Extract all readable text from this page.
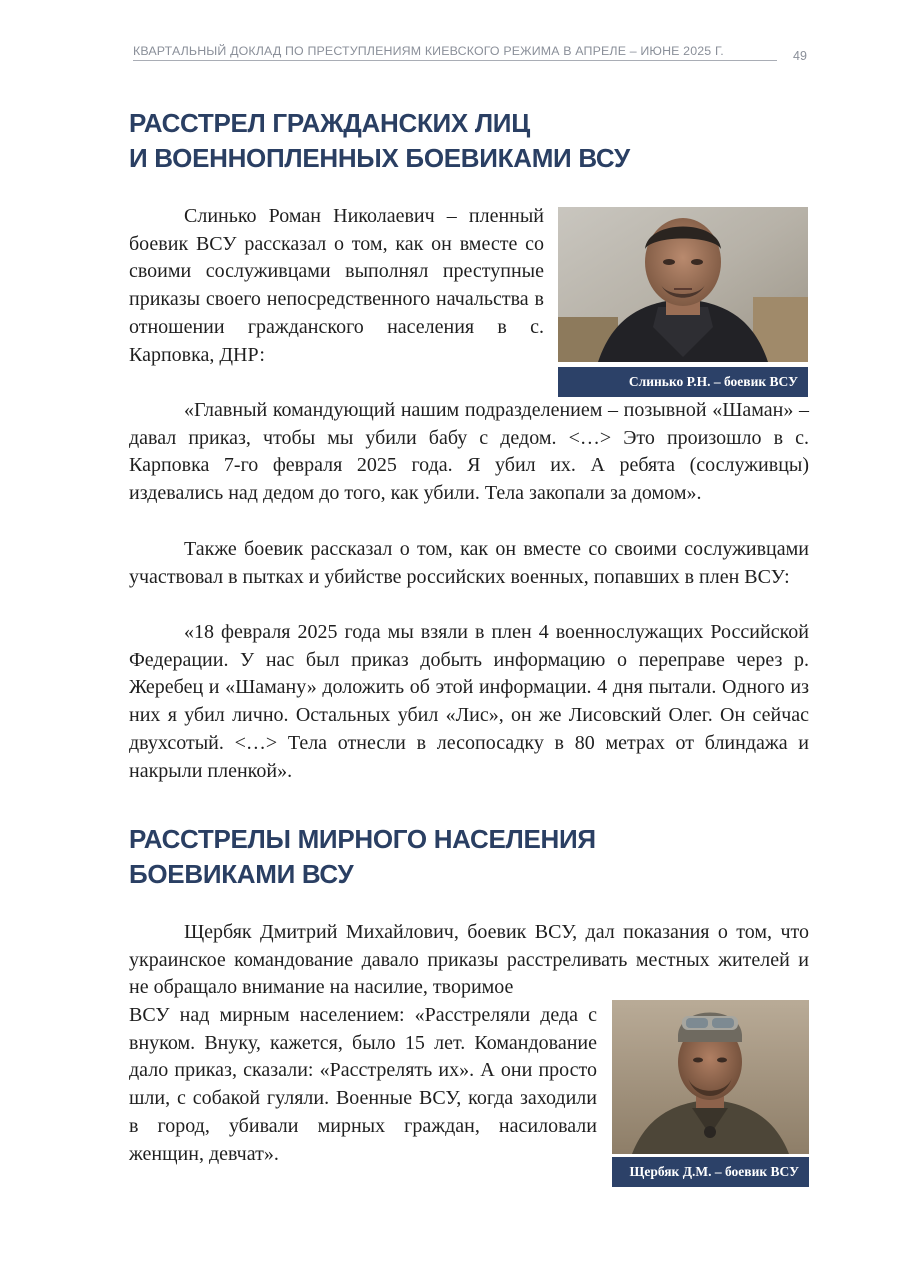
КВАРТАЛЬНЫЙ ДОКЛАД ПО ПРЕСТУПЛЕНИЯМ КИЕВСКОГО РЕЖИМА В АПРЕЛЕ – ИЮНЕ 2025 Г.	49
РАССТРЕЛ ГРАЖДАНСКИХ ЛИЦ
И ВОЕННОПЛЕННЫХ БОЕВИКАМИ ВСУ
Слинько Р.Н. – боевик ВСУ

Слинько Роман Николаевич – пленный боевик ВСУ рассказал о том, как он вместе со своими сослуживцами выполнял преступные приказы своего непосредственного начальства в отношении гражданского населения в с. Карповка, ДНР:

«Главный командующий нашим подразделением – позывной «Шаман» – давал приказ, чтобы мы убили бабу с дедом. <…> Это произошло в с. Карповка 7-го февраля 2025 года. Я убил их. А ребята (сослуживцы) издевались над дедом до того, как убили. Тела закопали за домом».

Также боевик рассказал о том, как он вместе со своими сослуживцами участвовал в пытках и убийстве российских военных, попавших в плен ВСУ:

«18 февраля 2025 года мы взяли в плен 4 военнослужащих Российской Федерации. У нас был приказ добыть информацию о переправе через р. Жеребец и «Шаману» доложить об этой информации. 4 дня пытали. Одного из них я убил лично. Остальных убил «Лис», он же Лисовский Олег. Он сейчас двухсотый. <…> Тела отнесли в лесопосадку в 80 метрах от блиндажа и накрыли пленкой».

РАССТРЕЛЫ МИРНОГО НАСЕЛЕНИЯ
БОЕВИКАМИ ВСУ

Щербяк Дмитрий Михайлович, боевик ВСУ, дал показания о том, что украинское командование давало приказы расстреливать местных жителей и не обращало внимание на насилие, творимое

ВСУ над мирным населением: «Расстреляли деда с внуком. Внуку, кажется, было 15 лет. Командование дало приказ, сказали: «Расстрелять их». А они просто шли, с собакой гуляли. Военные ВСУ, когда заходили в город, убивали мирных граждан, насиловали женщин, девчат».

Щербяк Д.М. – боевик ВСУ
